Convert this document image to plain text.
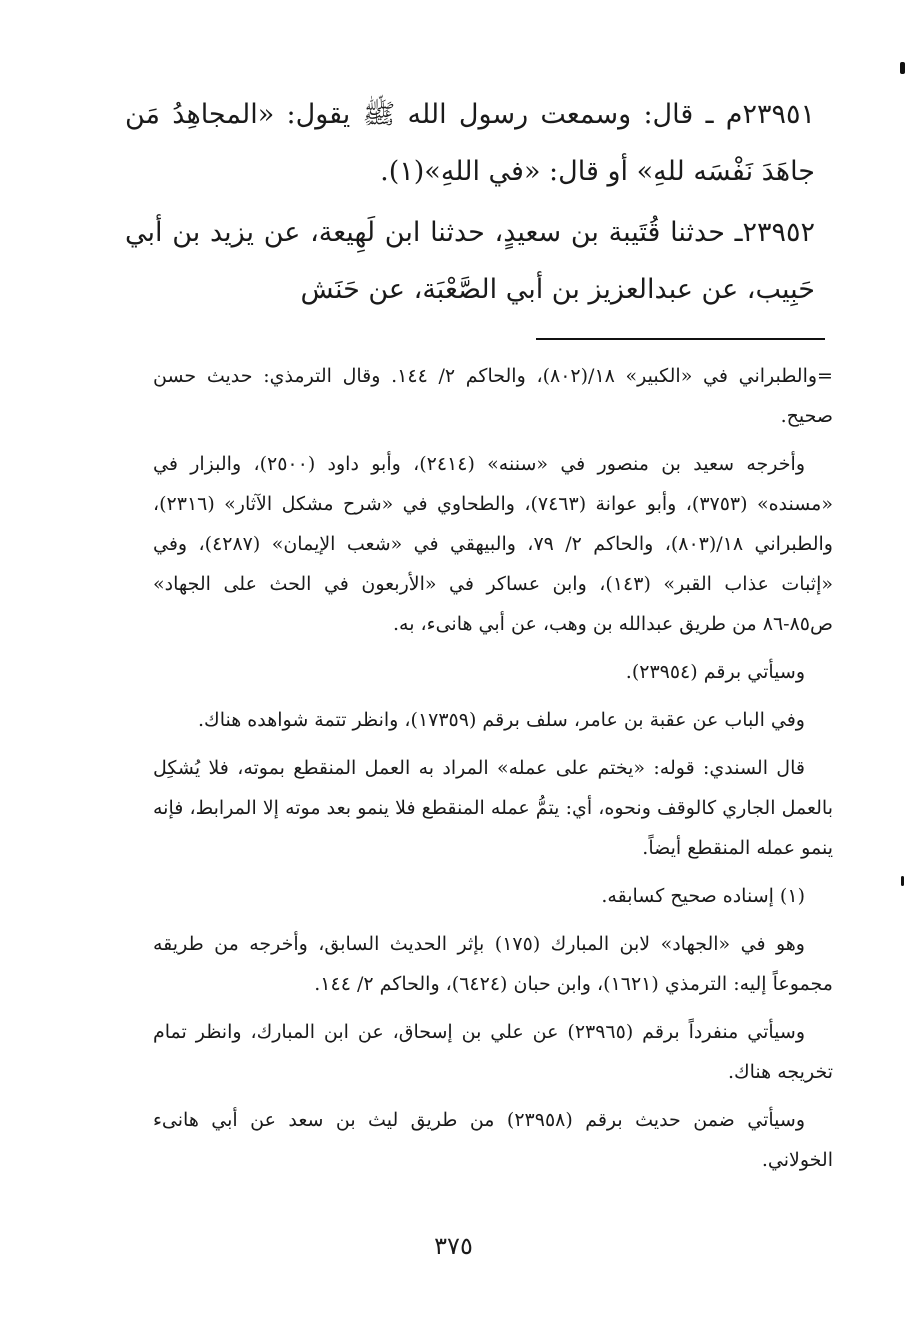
٢٣٩٥١م ـ قال: وسمعت رسول الله ﷺ يقول: «المجاهِدُ مَن جاهَدَ نَفْسَه للهِ» أو قال: «في اللهِ»(١).

٢٣٩٥٢ـ حدثنا قُتَيبة بن سعيدٍ، حدثنا ابن لَهِيعة، عن يزيد بن أبي حَبِيب، عن عبدالعزيز بن أبي الصَّعْبَة، عن حَنَش

=والطبراني في «الكبير» ١٨/(٨٠٢)، والحاكم ٢/ ١٤٤. وقال الترمذي: حديث حسن صحيح.

وأخرجه سعيد بن منصور في «سننه» (٢٤١٤)، وأبو داود (٢٥٠٠)، والبزار في «مسنده» (٣٧٥٣)، وأبو عوانة (٧٤٦٣)، والطحاوي في «شرح مشكل الآثار» (٢٣١٦)، والطبراني ١٨/(٨٠٣)، والحاكم ٢/ ٧٩، والبيهقي في «شعب الإيمان» (٤٢٨٧)، وفي «إثبات عذاب القبر» (١٤٣)، وابن عساكر في «الأربعون في الحث على الجهاد» ص٨٥-٨٦ من طريق عبدالله بن وهب، عن أبي هانىء، به.

وسيأتي برقم (٢٣٩٥٤).

وفي الباب عن عقبة بن عامر، سلف برقم (١٧٣٥٩)، وانظر تتمة شواهده هناك.

قال السندي: قوله: «يختم على عمله» المراد به العمل المنقطع بموته، فلا يُشكِل بالعمل الجاري كالوقف ونحوه، أي: يتمُّ عمله المنقطع فلا ينمو بعد موته إلا المرابط، فإنه ينمو عمله المنقطع أيضاً.

(١) إسناده صحيح كسابقه.

وهو في «الجهاد» لابن المبارك (١٧٥) بإثر الحديث السابق، وأخرجه من طريقه مجموعاً إليه: الترمذي (١٦٢١)، وابن حبان (٦٤٢٤)، والحاكم ٢/ ١٤٤.

وسيأتي منفرداً برقم (٢٣٩٦٥) عن علي بن إسحاق، عن ابن المبارك، وانظر تمام تخريجه هناك.

وسيأتي ضمن حديث برقم (٢٣٩٥٨) من طريق ليث بن سعد عن أبي هانىء الخولاني.

٣٧٥
